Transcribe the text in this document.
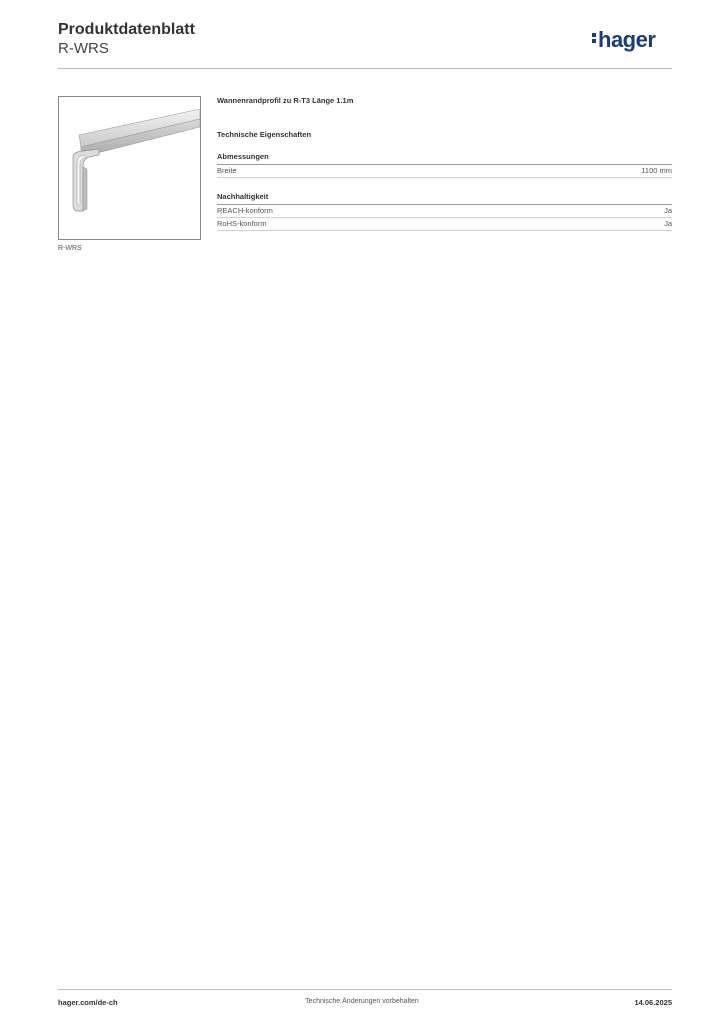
Produktdatenblatt
R-WRS	hager
R-WRS

Wannenrandprofil zu R-T3 Länge 1.1m

Technische Eigenschaften
Abmessungen
Breite	1100 mm
Nachhaltigkeit
REACH-konform	Ja
RoHS-konform	Ja
hager.com/de-ch	Technische Änderungen vorbehalten	14.06.2025
